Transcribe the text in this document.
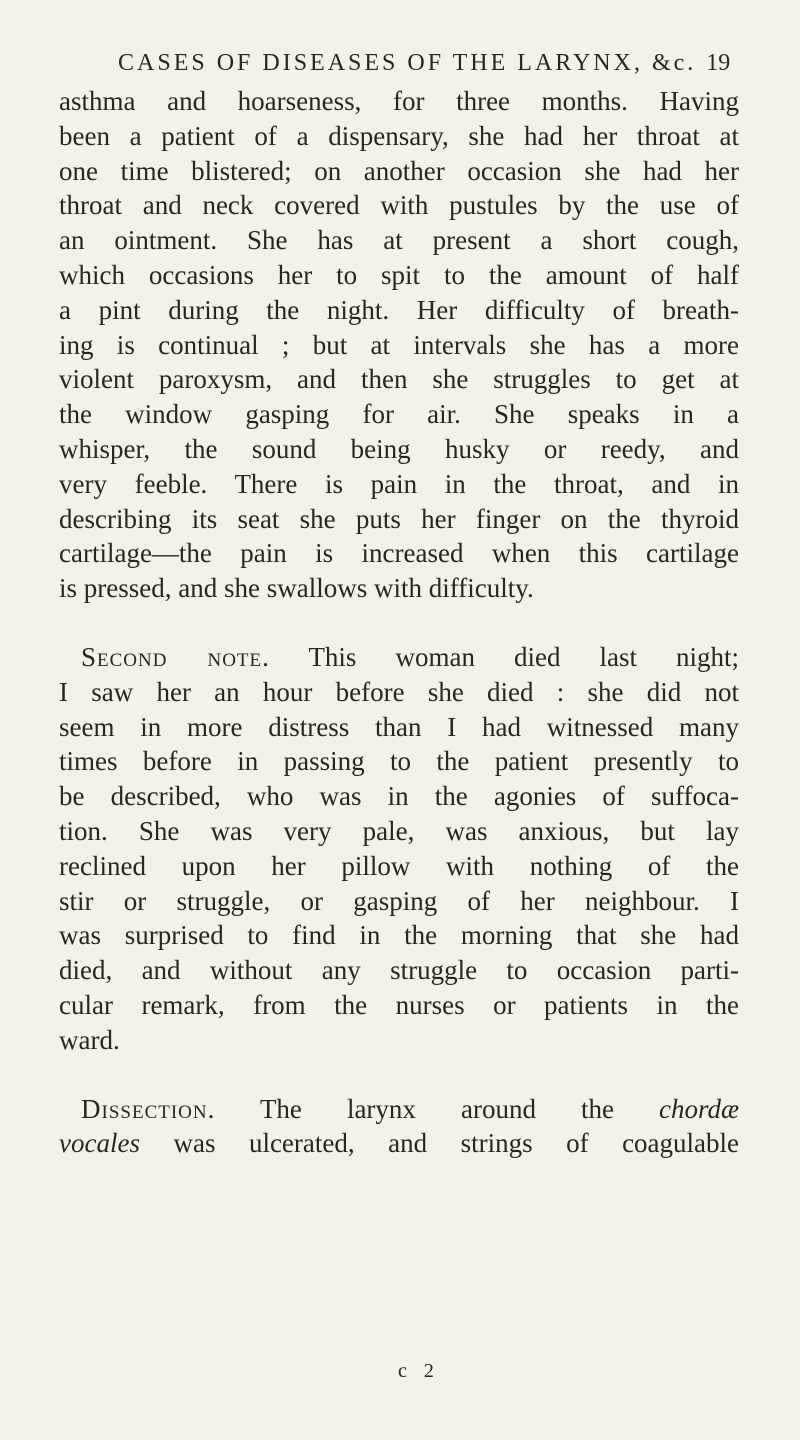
CASES OF DISEASES OF THE LARYNX, &c. 19
asthma and hoarseness, for three months. Having
been a patient of a dispensary, she had her throat at
one time blistered; on another occasion she had her
throat and neck covered with pustules by the use of
an ointment. She has at present a short cough,
which occasions her to spit to the amount of half
a pint during the night. Her difficulty of breath-
ing is continual ; but at intervals she has a more
violent paroxysm, and then she struggles to get at
the window gasping for air. She speaks in a
whisper, the sound being husky or reedy, and
very feeble. There is pain in the throat, and in
describing its seat she puts her finger on the thyroid
cartilage—the pain is increased when this cartilage
is pressed, and she swallows with difficulty.
Second note. This woman died last night;
I saw her an hour before she died : she did not
seem in more distress than I had witnessed many
times before in passing to the patient presently to
be described, who was in the agonies of suffoca-
tion. She was very pale, was anxious, but lay
reclined upon her pillow with nothing of the
stir or struggle, or gasping of her neighbour. I
was surprised to find in the morning that she had
died, and without any struggle to occasion parti-
cular remark, from the nurses or patients in the
ward.
Dissection. The larynx around the chordæ
vocales was ulcerated, and strings of coagulable
c 2
